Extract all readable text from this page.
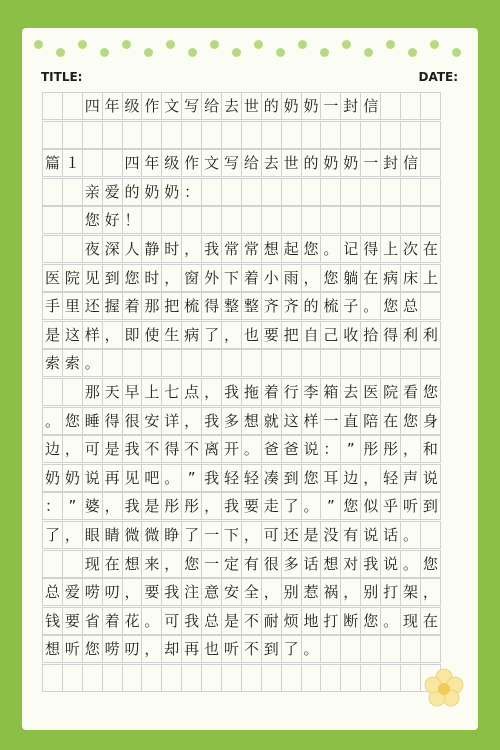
TITLE:	DATE:
四 年 级 作 文 写 给 去 世 的 奶 奶 一 封 信
篇 １	四 年 级 作 文 写 给 去 世 的 奶 奶 一 封 信
亲 爱 的 奶 奶 ：
您 好 ！
夜 深 人 静 时 ， 我 常 常 想 起 您 。 记 得 上 次 在
医 院 见 到 您 时 ， 窗 外 下 着 小 雨 ， 您 躺 在 病 床 上
手 里 还 握 着 那 把 梳 得 整 整 齐 齐 的 梳 子 。 您 总
是 这 样 ， 即 使 生 病 了 ， 也 要 把 自 己 收 拾 得 利 利
索 索 。
那 天 早 上 七 点 ， 我 拖 着 行 李 箱 去 医 院 看 您
。 您 睡 得 很 安 详 ， 我 多 想 就 这 样 一 直 陪 在 您 身
边 ， 可 是 我 不 得 不 离 开 。 爸 爸 说 ： ” 彤 彤 ， 和
奶 奶 说 再 见 吧 。 ” 我 轻 轻 凑 到 您 耳 边 ， 轻 声 说
： ” 婆 ， 我 是 彤 彤 ， 我 要 走 了 。 ” 您 似 乎 听 到
了 ， 眼 睛 微 微 睁 了 一 下 ， 可 还 是 没 有 说 话 。
现 在 想 来 ， 您 一 定 有 很 多 话 想 对 我 说 。 您
总 爱 唠 叨 ， 要 我 注 意 安 全 ， 别 惹 祸 ， 别 打 架 ，
钱 要 省 着 花 。 可 我 总 是 不 耐 烦 地 打 断 您 。 现 在
想 听 您 唠 叨 ， 却 再 也 听 不 到 了 。
